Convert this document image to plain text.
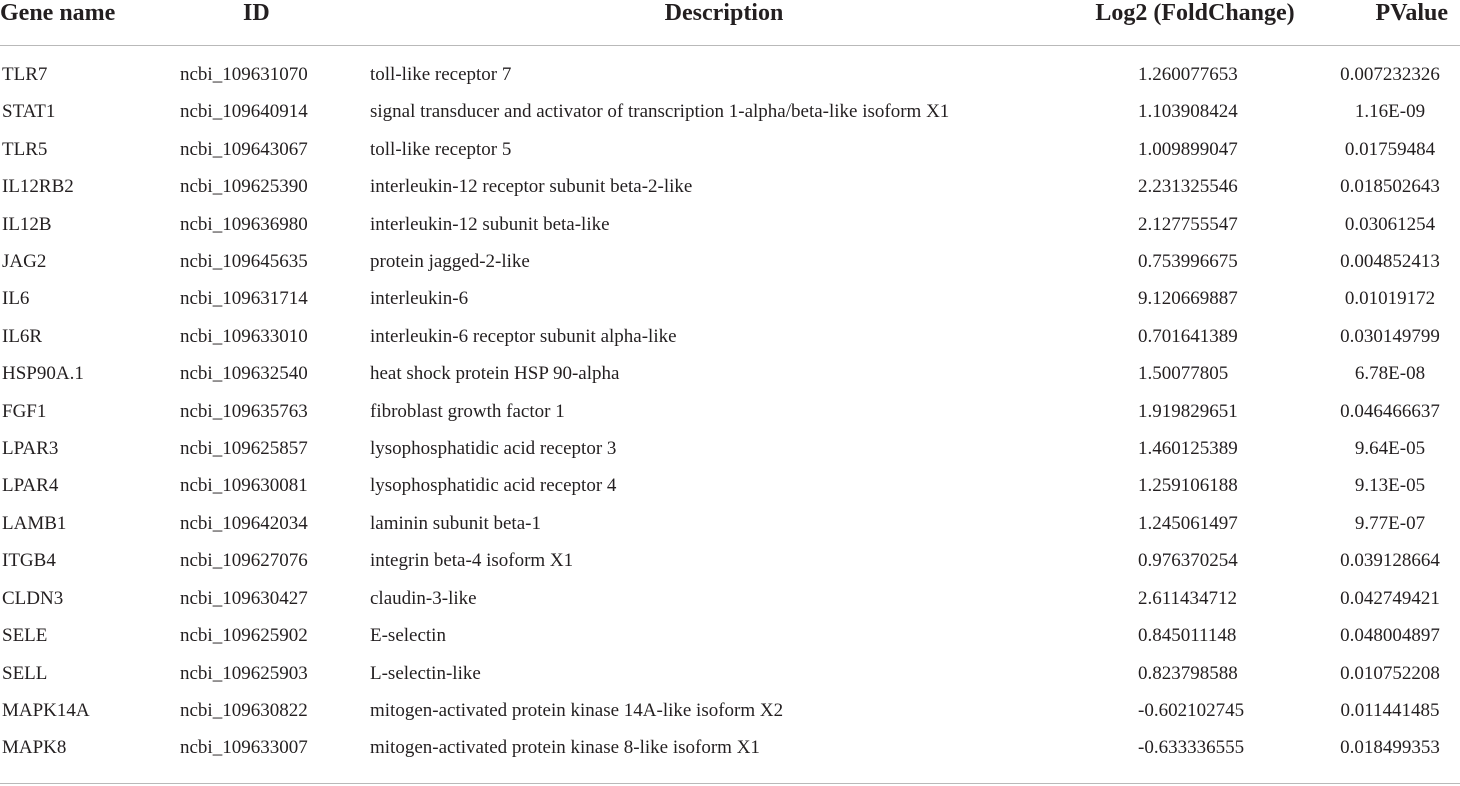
Gene name	ID	Description	Log2 (FoldChange)	PValue
TLR7	ncbi_109631070	toll-like receptor 7	1.260077653	0.007232326
STAT1	ncbi_109640914	signal transducer and activator of transcription 1-alpha/beta-like isoform X1	1.103908424	1.16E-09
TLR5	ncbi_109643067	toll-like receptor 5	1.009899047	0.01759484
IL12RB2	ncbi_109625390	interleukin-12 receptor subunit beta-2-like	2.231325546	0.018502643
IL12B	ncbi_109636980	interleukin-12 subunit beta-like	2.127755547	0.03061254
JAG2	ncbi_109645635	protein jagged-2-like	0.753996675	0.004852413
IL6	ncbi_109631714	interleukin-6	9.120669887	0.01019172
IL6R	ncbi_109633010	interleukin-6 receptor subunit alpha-like	0.701641389	0.030149799
HSP90A.1	ncbi_109632540	heat shock protein HSP 90-alpha	1.50077805	6.78E-08
FGF1	ncbi_109635763	fibroblast growth factor 1	1.919829651	0.046466637
LPAR3	ncbi_109625857	lysophosphatidic acid receptor 3	1.460125389	9.64E-05
LPAR4	ncbi_109630081	lysophosphatidic acid receptor 4	1.259106188	9.13E-05
LAMB1	ncbi_109642034	laminin subunit beta-1	1.245061497	9.77E-07
ITGB4	ncbi_109627076	integrin beta-4 isoform X1	0.976370254	0.039128664
CLDN3	ncbi_109630427	claudin-3-like	2.611434712	0.042749421
SELE	ncbi_109625902	E-selectin	0.845011148	0.048004897
SELL	ncbi_109625903	L-selectin-like	0.823798588	0.010752208
MAPK14A	ncbi_109630822	mitogen-activated protein kinase 14A-like isoform X2	-0.602102745	0.011441485
MAPK8	ncbi_109633007	mitogen-activated protein kinase 8-like isoform X1	-0.633336555	0.018499353
